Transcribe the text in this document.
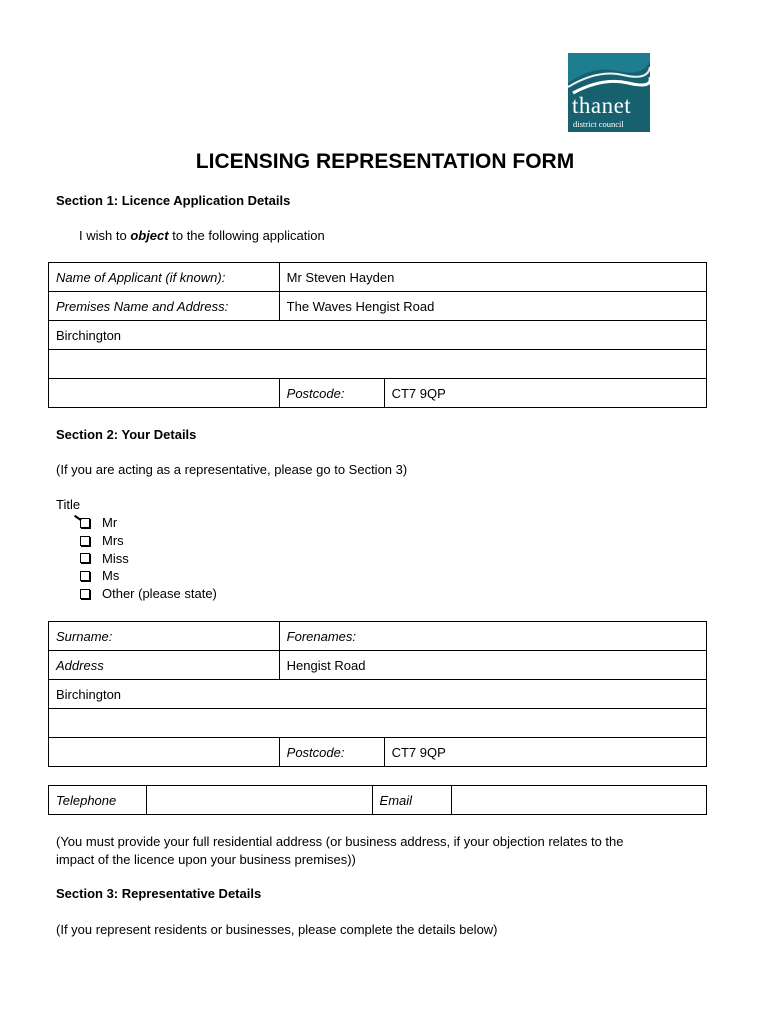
thanet
district council
LICENSING REPRESENTATION FORM
Section 1: Licence Application Details
I wish to object to the following application
Name of Applicant (if known):	Mr Steven Hayden	
Premises Name and Address:	The Waves Hengist Road	
Birchington		

	Postcode:	CT7 9QP
Section 2: Your Details
(If you are acting as a representative, please go to Section 3)
Title
Mr
Mrs
Miss
Ms
Other (please state)
Surname:	Forenames:	
Address	Hengist Road	
Birchington		

	Postcode:	CT7 9QP
Telephone		Email	
(You must provide your full residential address (or business address, if your objection relates to the
impact of the licence upon your business premises))
Section 3: Representative Details
(If you represent residents or businesses, please complete the details below)
